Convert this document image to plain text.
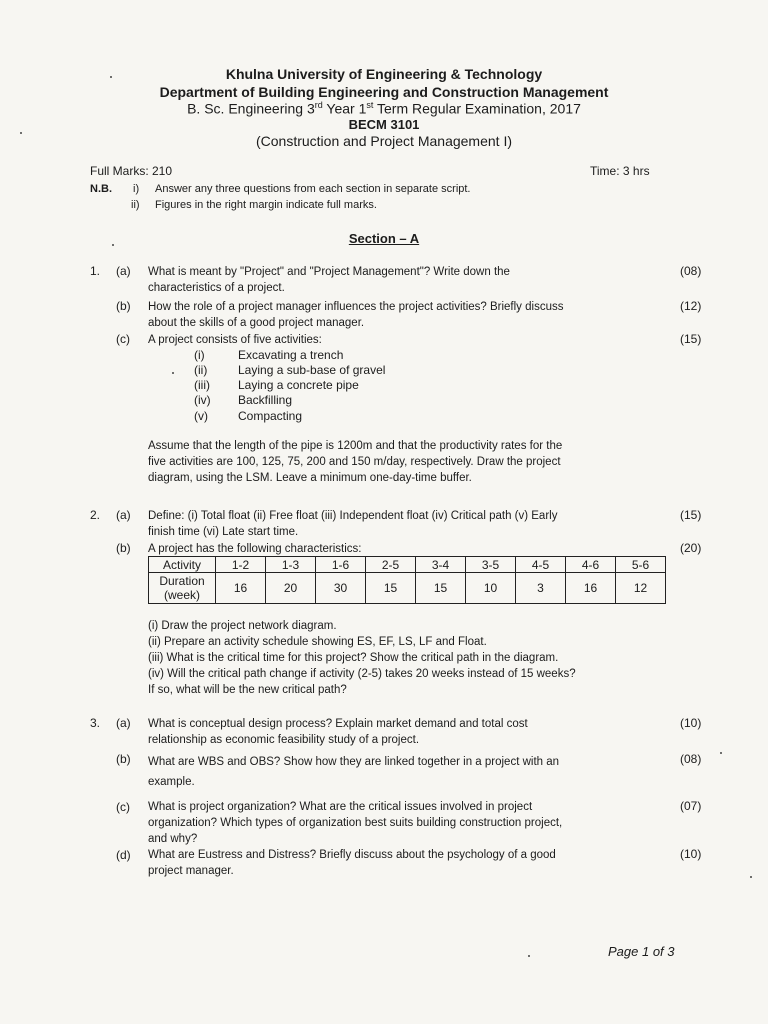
Khulna University of Engineering & Technology
Department of Building Engineering and Construction Management
B. Sc. Engineering 3rd Year 1st Term Regular Examination, 2017
BECM 3101
(Construction and Project Management I)
Full Marks: 210	Time: 3 hrs
N.B. i) Answer any three questions from each section in separate script.
ii) Figures in the right margin indicate full marks.
Section – A
1. (a) What is meant by "Project" and "Project Management"? Write down the
characteristics of a project.
(08)
(b) How the role of a project manager influences the project activities? Briefly discuss
about the skills of a good project manager.
(12)
(c) A project consists of five activities:	(15)
(i)	Excavating a trench
(ii)	Laying a sub-base of gravel
(iii) Laying a concrete pipe
(iv) Backfilling
(v)	Compacting
Assume that the length of the pipe is 1200m and that the productivity rates for the
five activities are 100, 125, 75, 200 and 150 m/day, respectively. Draw the project
diagram, using the LSM. Leave a minimum one-day-time buffer.
2. (a) Define: (i) Total float (ii) Free float (iii) Independent float (iv) Critical path (v) Early
finish time (vi) Late start time.
(15)
(b) A project has the following characteristics:	(20)
Activity	1-2	1-3	1-6	2-5	3-4	3-5	4-5	4-6	5-6
Duration
(week)	16	20	30	15	15	10	3	16	12
(i) Draw the project network diagram.
(ii) Prepare an activity schedule showing ES, EF, LS, LF and Float.
(iii) What is the critical time for this project? Show the critical path in the diagram.
(iv) Will the critical path change if activity (2-5) takes 20 weeks instead of 15 weeks?
If so, what will be the new critical path?
3. (a) What is conceptual design process? Explain market demand and total cost
relationship as economic feasibility study of a project.
(10)
(b) What are WBS and OBS? Show how they are linked together in a project with an
example.
(08)
(c) What is project organization? What are the critical issues involved in project
organization? Which types of organization best suits building construction project,
and why?
(07)
(d) What are Eustress and Distress? Briefly discuss about the psychology of a good
project manager.
(10)
Page 1 of 3
